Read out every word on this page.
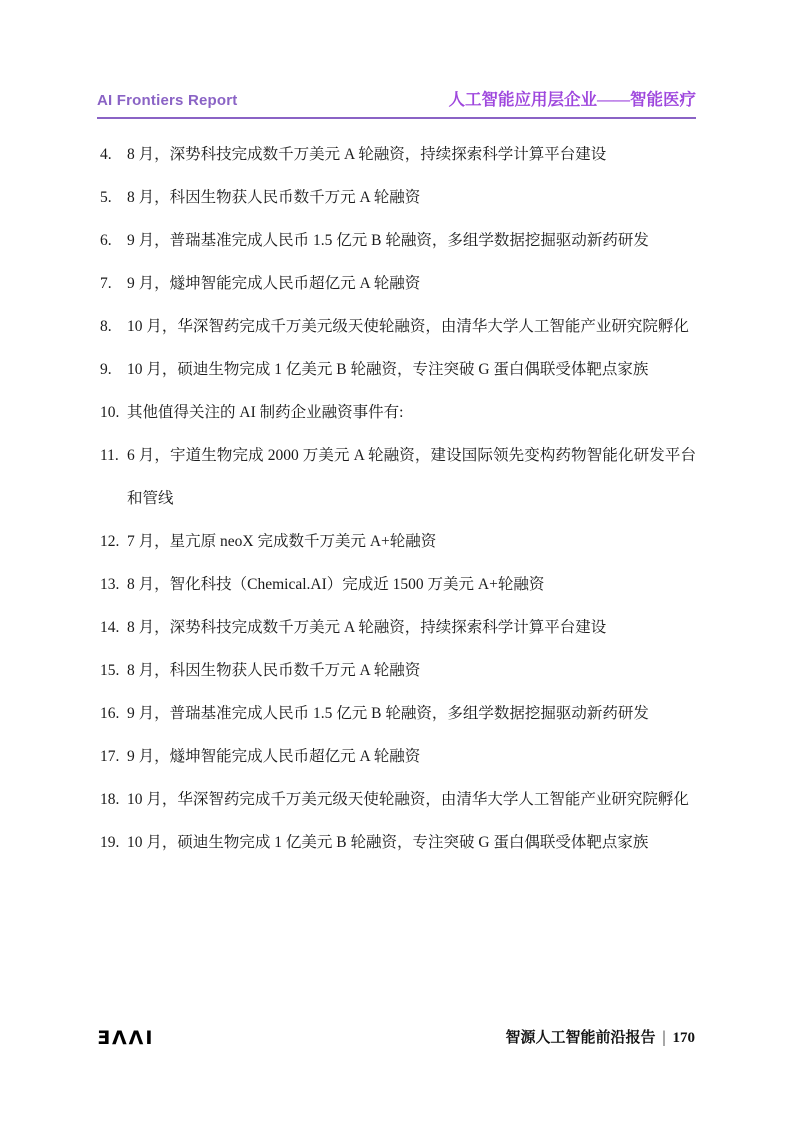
AI Frontiers Report	人工智能应用层企业——智能医疗
4. 8 月，深势科技完成数千万美元 A 轮融资，持续探索科学计算平台建设
5. 8 月，科因生物获人民币数千万元 A 轮融资
6. 9 月，普瑞基准完成人民币 1.5 亿元 B 轮融资，多组学数据挖掘驱动新药研发
7. 9 月，燧坤智能完成人民币超亿元 A 轮融资
8. 10 月，华深智药完成千万美元级天使轮融资，由清华大学人工智能产业研究院孵化
9. 10 月，硕迪生物完成 1 亿美元 B 轮融资，专注突破 G 蛋白偶联受体靶点家族
10. 其他值得关注的 AI 制药企业融资事件有:
11. 6 月，宇道生物完成 2000 万美元 A 轮融资，建设国际领先变构药物智能化研发平台和管线
12. 7 月，星亢原 neoX 完成数千万美元 A+轮融资
13. 8 月，智化科技（Chemical.AI）完成近 1500 万美元 A+轮融资
14. 8 月，深势科技完成数千万美元 A 轮融资，持续探索科学计算平台建设
15. 8 月，科因生物获人民币数千万元 A 轮融资
16. 9 月，普瑞基准完成人民币 1.5 亿元 B 轮融资，多组学数据挖掘驱动新药研发
17. 9 月，燧坤智能完成人民币超亿元 A 轮融资
18. 10 月，华深智药完成千万美元级天使轮融资，由清华大学人工智能产业研究院孵化
19. 10 月，硕迪生物完成 1 亿美元 B 轮融资，专注突破 G 蛋白偶联受体靶点家族
ƎΛΛI	智源人工智能前沿报告 | 170
